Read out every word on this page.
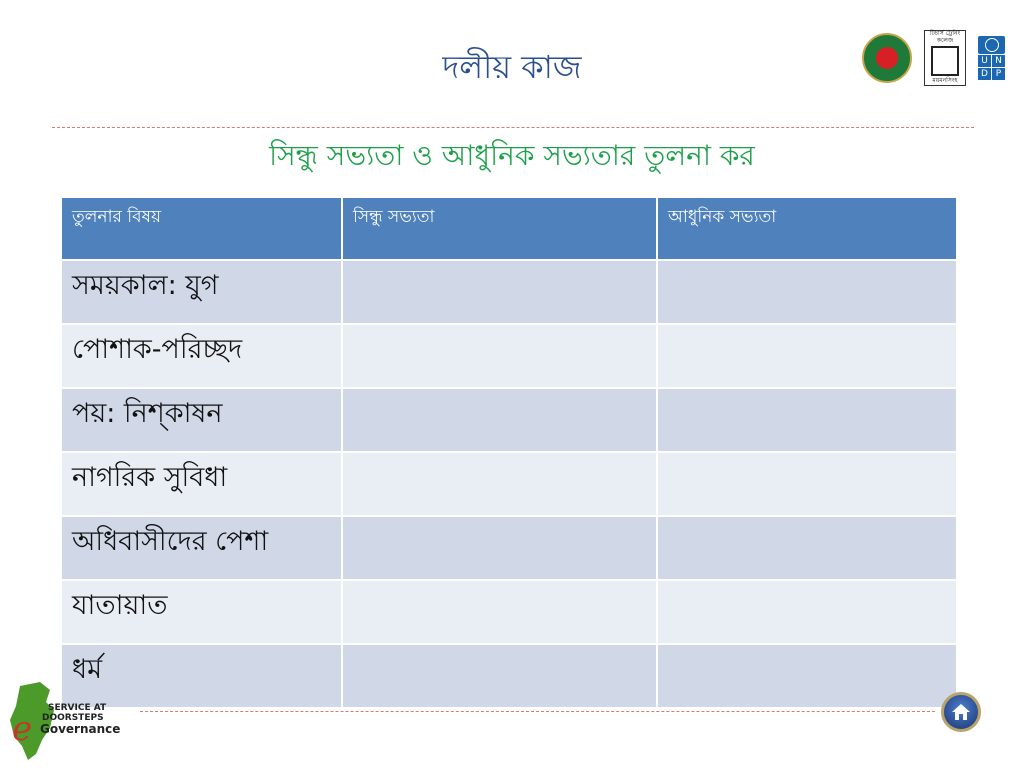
দলীয় কাজ
টিচার্স ট্রেনিং কলেজ
ময়মনসিংহ
U N
D P
সিন্ধু সভ্যতা ও আধুনিক সভ্যতার তুলনা কর
তুলনার বিষয়	সিন্ধু সভ্যতা	আধুনিক সভ্যতা
সময়কাল: যুগ		
পোশাক-পরিচ্ছদ		
পয়: নিশ্কাষন		
নাগরিক সুবিধা		
অধিবাসীদের পেশা		
যাতায়াত		
ধর্ম		
e
SERVICE AT
DOORSTEPS
Governance
